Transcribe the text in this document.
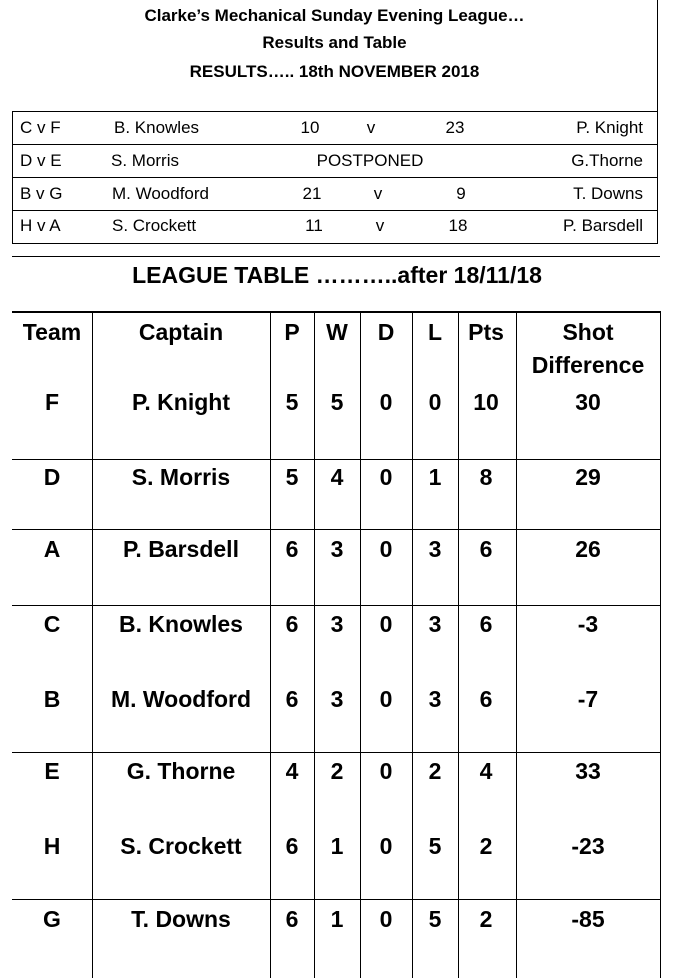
Clarke’s Mechanical Sunday Evening League…
Results and Table
RESULTS….. 18th NOVEMBER 2018
C v F	B. Knowles	10	v	23	P. Knight
D v E	S. Morris	POSTPONED	G.Thorne
B v G	M. Woodford	21	v	9	T. Downs
H v A	S. Crockett	11	v	18	P. Barsdell
LEAGUE TABLE ………..after 18/11/18
Team	Captain	P W D L Pts	Shot
Difference
F	P. Knight 5 5 0 0 10	30
D	S. Morris 5 4 0 1 8	29
A	P. Barsdell 6 3 0 3 6	26
C	B. Knowles 6 3 0 3 6	-3
B M. Woodford 6 3 0 3 6	-7
E	G. Thorne 4 2 0 2 4	33
H	S. Crockett 6 1 0 5 2	-23
G	T. Downs 6 1 0 5 2	-85
